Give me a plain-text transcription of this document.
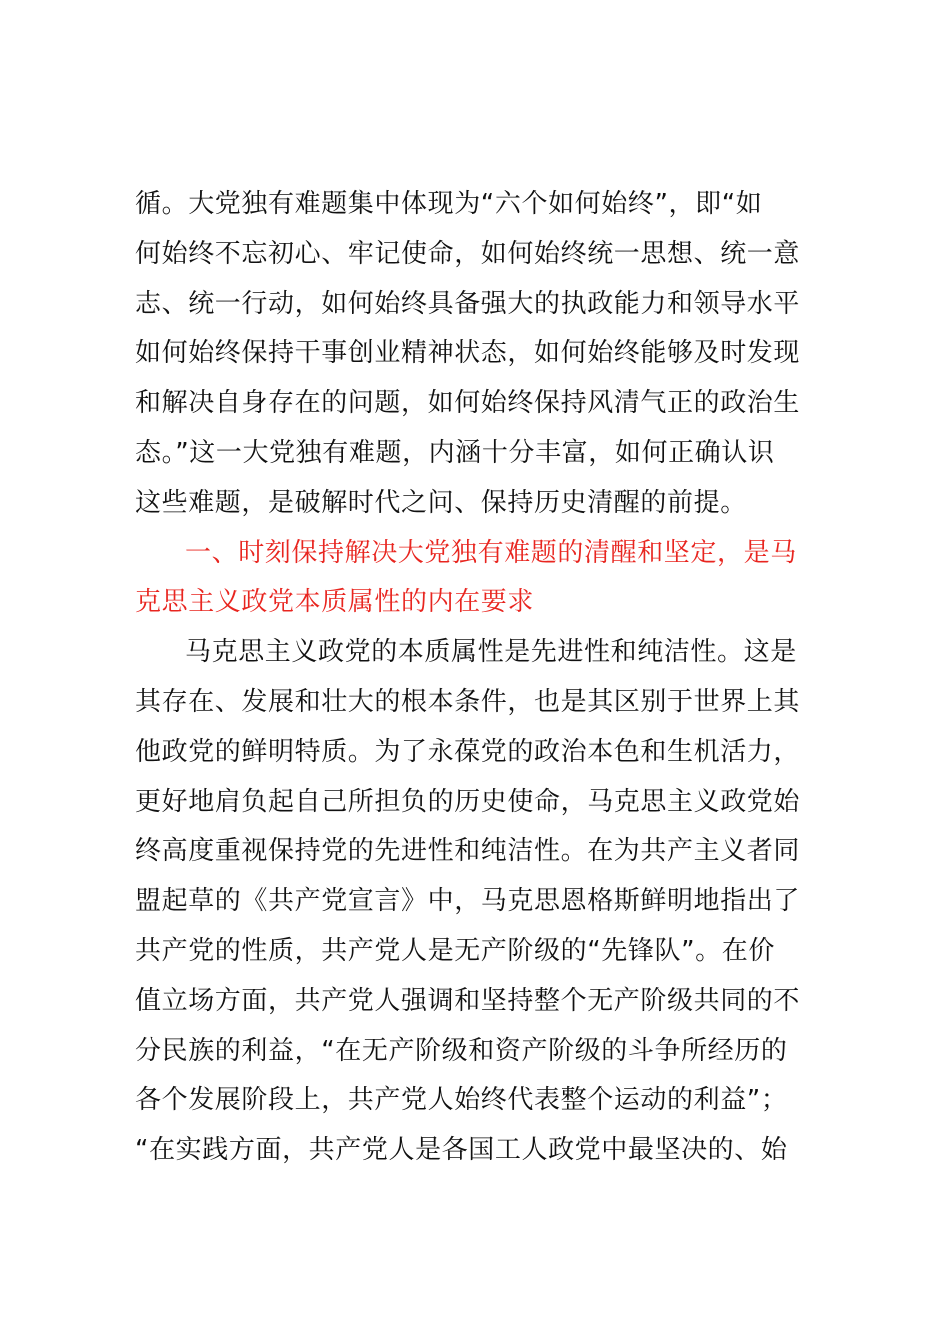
循。大党独有难题集中体现为“六个如何始终”，即“如
何始终不忘初心、牢记使命，如何始终统一思想、统一意
志、统一行动，如何始终具备强大的执政能力和领导水平
如何始终保持干事创业精神状态，如何始终能够及时发现
和解决自身存在的问题，如何始终保持风清气正的政治生
态。”这一大党独有难题，内涵十分丰富，如何正确认识
这些难题，是破解时代之问、保持历史清醒的前提。
一、时刻保持解决大党独有难题的清醒和坚定，是马
克思主义政党本质属性的内在要求
马克思主义政党的本质属性是先进性和纯洁性。这是
其存在、发展和壮大的根本条件，也是其区别于世界上其
他政党的鲜明特质。为了永葆党的政治本色和生机活力，
更好地肩负起自己所担负的历史使命，马克思主义政党始
终高度重视保持党的先进性和纯洁性。在为共产主义者同
盟起草的《共产党宣言》中，马克思恩格斯鲜明地指出了
共产党的性质，共产党人是无产阶级的“先锋队”。在价
值立场方面，共产党人强调和坚持整个无产阶级共同的不
分民族的利益，“在无产阶级和资产阶级的斗争所经历的
各个发展阶段上，共产党人始终代表整个运动的利益”；
“在实践方面，共产党人是各国工人政党中最坚决的、始
